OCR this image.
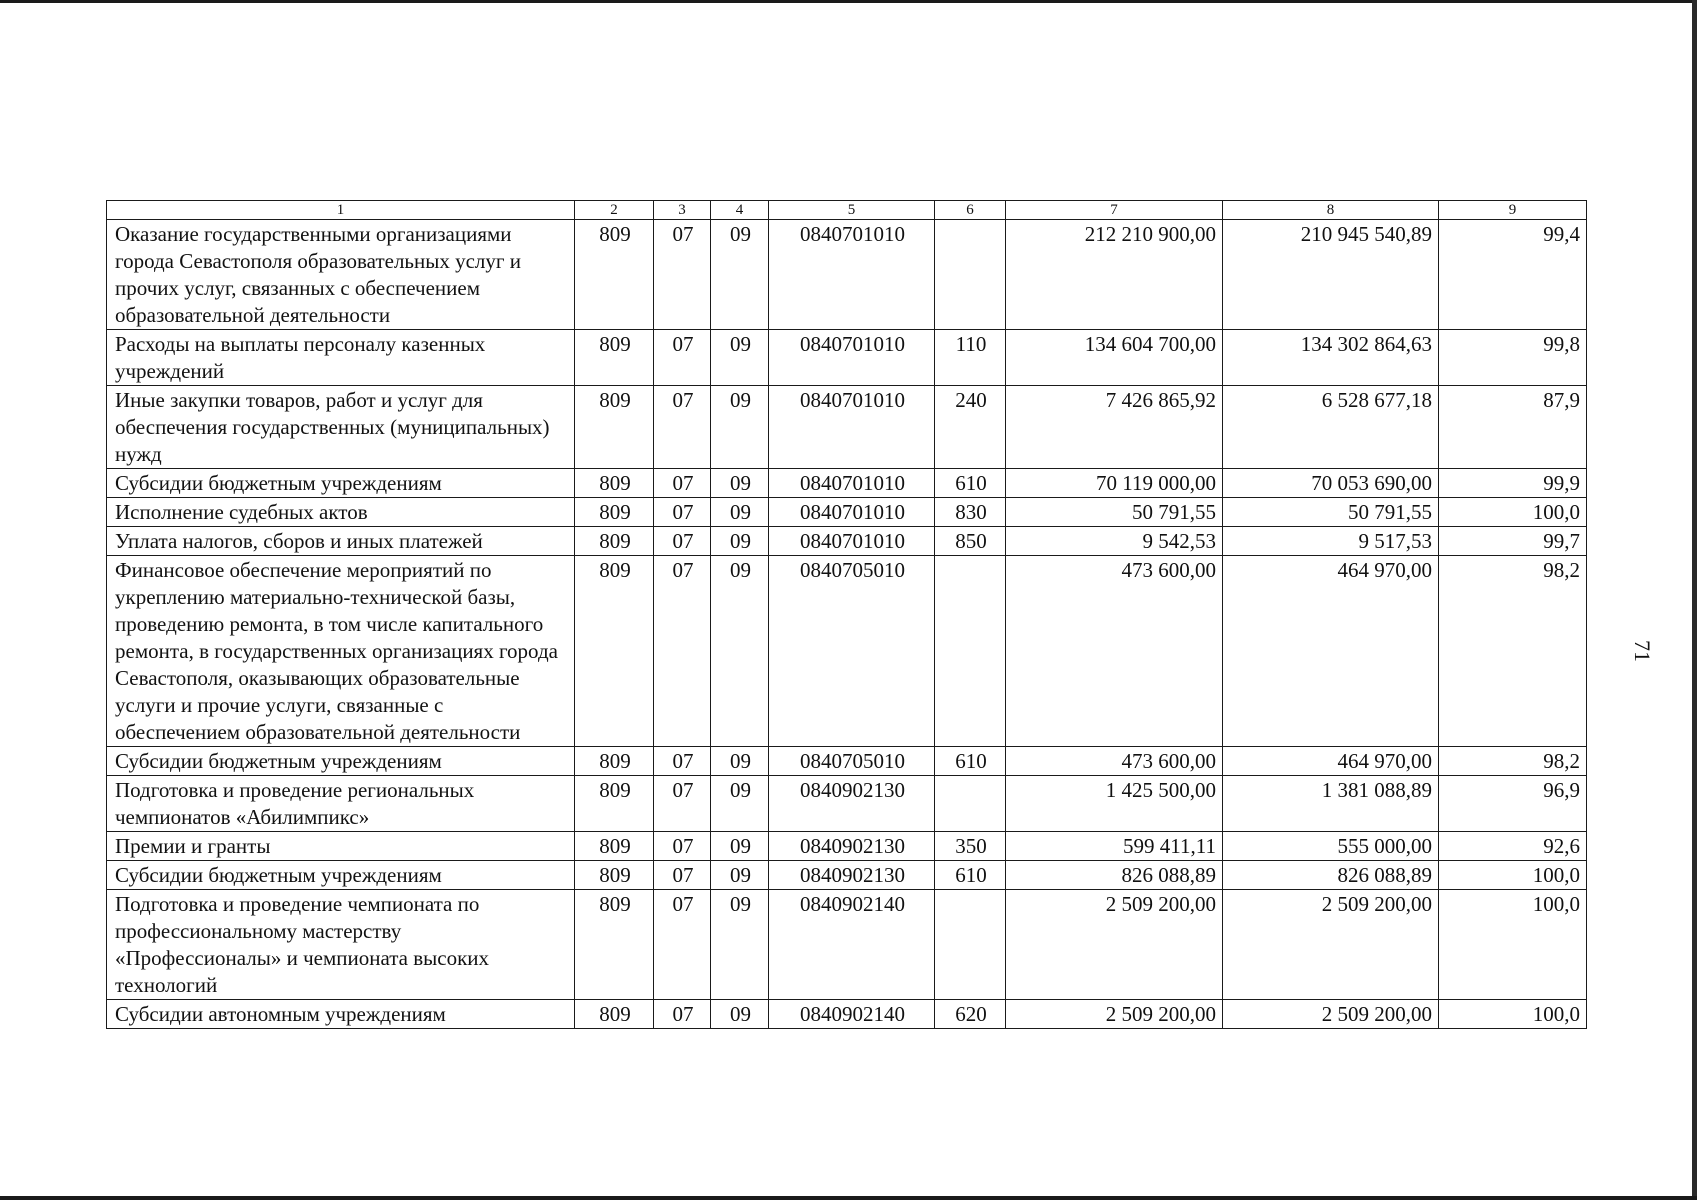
71
1	2	3	4	5	6	7	8	9
Оказание государственными организациями города Севастополя образовательных услуг и прочих услуг, связанных с обеспечением образовательной деятельности	809	07	09	0840701010		212 210 900,00	210 945 540,89	99,4
Расходы на выплаты персоналу казенных учреждений	809	07	09	0840701010	110	134 604 700,00	134 302 864,63	99,8
Иные закупки товаров, работ и услуг для обеспечения государственных (муниципальных) нужд	809	07	09	0840701010	240	7 426 865,92	6 528 677,18	87,9
Субсидии бюджетным учреждениям	809	07	09	0840701010	610	70 119 000,00	70 053 690,00	99,9
Исполнение судебных актов	809	07	09	0840701010	830	50 791,55	50 791,55	100,0
Уплата налогов, сборов и иных платежей	809	07	09	0840701010	850	9 542,53	9 517,53	99,7
Финансовое обеспечение мероприятий по укреплению материально-технической базы, проведению ремонта, в том числе капитального ремонта, в государственных организациях города Севастополя, оказывающих образовательные услуги и прочие услуги, связанные с обеспечением образовательной деятельности	809	07	09	0840705010		473 600,00	464 970,00	98,2
Субсидии бюджетным учреждениям	809	07	09	0840705010	610	473 600,00	464 970,00	98,2
Подготовка и проведение региональных чемпионатов «Абилимпикс»	809	07	09	0840902130		1 425 500,00	1 381 088,89	96,9
Премии и гранты	809	07	09	0840902130	350	599 411,11	555 000,00	92,6
Субсидии бюджетным учреждениям	809	07	09	0840902130	610	826 088,89	826 088,89	100,0
Подготовка и проведение чемпионата по профессиональному мастерству «Профессионалы» и чемпионата высоких технологий	809	07	09	0840902140		2 509 200,00	2 509 200,00	100,0
Субсидии автономным учреждениям	809	07	09	0840902140	620	2 509 200,00	2 509 200,00	100,0
